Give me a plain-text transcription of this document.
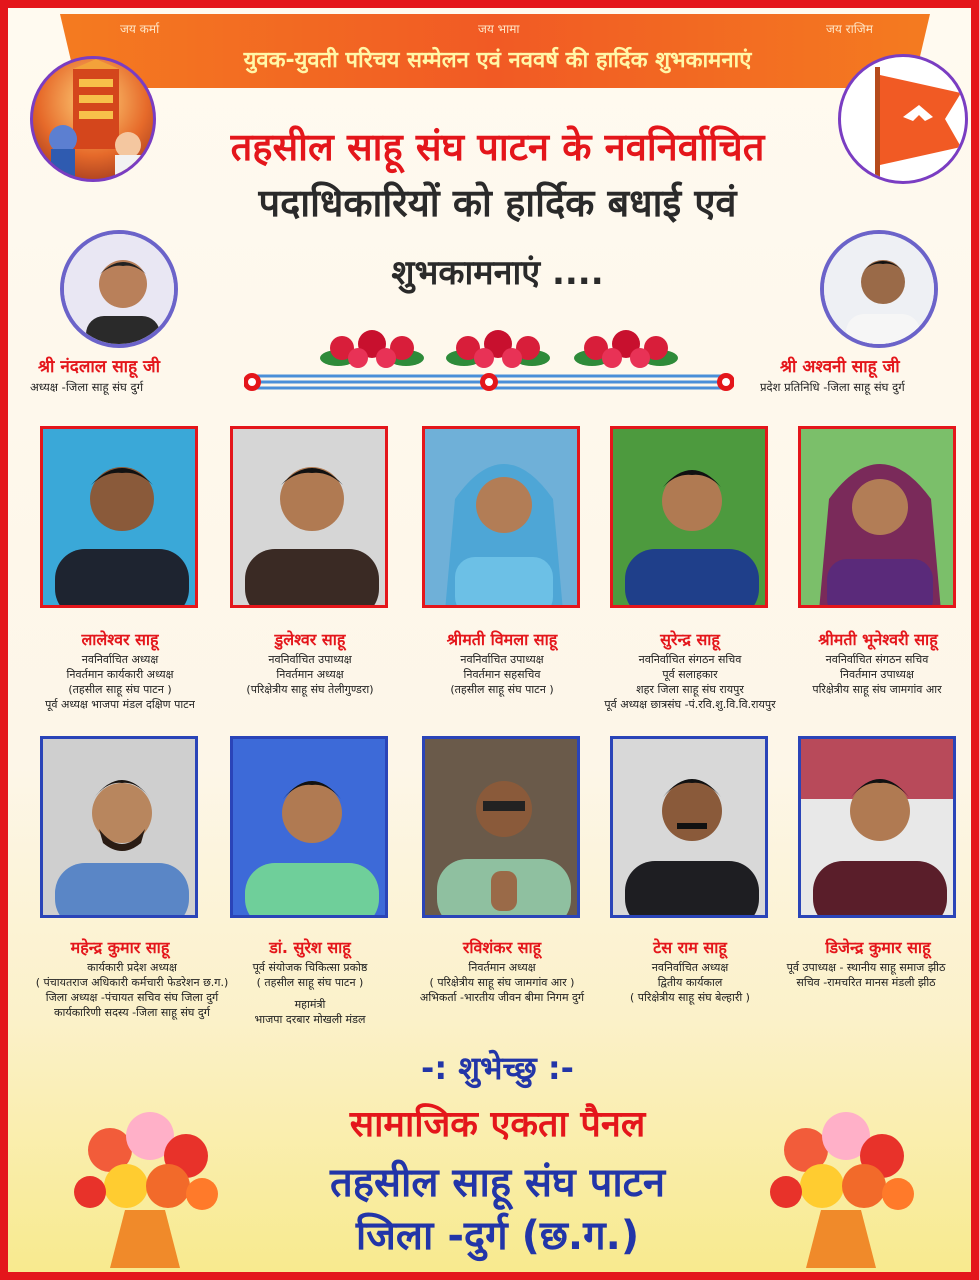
जय कर्मा	जय भामा	जय राजिम
युवक-युवती परिचय सम्मेलन एवं नववर्ष की हार्दिक शुभकामनाएं
तहसील साहू संघ पाटन के नवनिर्वाचित
पदाधिकारियों को हार्दिक बधाई एवं
शुभकामनाएं ....
श्री नंदलाल साहू जी
अध्यक्ष -जिला साहू संघ दुर्ग
श्री अश्वनी साहू जी
प्रदेश प्रतिनिधि -जिला साहू संघ दुर्ग
लालेश्वर साहू
नवनिर्वाचित अध्यक्ष
निवर्तमान कार्यकारी अध्यक्ष
(तहसील साहू संघ पाटन )
पूर्व अध्यक्ष भाजपा मंडल दक्षिण पाटन
डुलेश्वर साहू
नवनिर्वाचित उपाध्यक्ष
निवर्तमान अध्यक्ष
(परिक्षेत्रीय साहू संघ तेलीगुण्डरा)
श्रीमती विमला साहू
नवनिर्वाचित उपाध्यक्ष
निवर्तमान सहसचिव
(तहसील साहू संघ पाटन )
सुरेन्द्र साहू
नवनिर्वाचित संगठन सचिव
पूर्व सलाहकार
शहर जिला साहू संघ रायपुर
पूर्व अध्यक्ष छात्रसंघ -पं.रवि.शु.वि.वि.रायपुर
श्रीमती भूनेश्वरी साहू
नवनिर्वाचित संगठन सचिव
निवर्तमान उपाध्यक्ष
परिक्षेत्रीय साहू संघ जामगांव आर
महेन्द्र कुमार साहू
कार्यकारी प्रदेश अध्यक्ष
( पंचायतराज अधिकारी कर्मचारी फेडरेशन छ.ग.)
जिला अध्यक्ष -पंचायत सचिव संघ जिला दुर्ग
कार्यकारिणी सदस्य -जिला साहू संघ दुर्ग
डां. सुरेश साहू
पूर्व संयोजक चिकित्सा प्रकोष्ठ
( तहसील साहू संघ पाटन )
महामंत्री
भाजपा दरबार मोखली मंडल
रविशंकर साहू
निवर्तमान अध्यक्ष
( परिक्षेत्रीय साहू संघ जामगांव आर )
अभिकर्ता -भारतीय जीवन बीमा निगम दुर्ग
टेस राम साहू
नवनिर्वाचित अध्यक्ष
द्वितीय कार्यकाल
( परिक्षेत्रीय साहू संघ बेल्हारी )
डिजेन्द्र कुमार साहू
पूर्व उपाध्यक्ष - स्थानीय साहू समाज झीठ
सचिव -रामचरित मानस मंडली झीठ
-: शुभेच्छु :-
सामाजिक एकता पैनल
तहसील साहू संघ पाटन
जिला -दुर्ग (छ.ग.)
